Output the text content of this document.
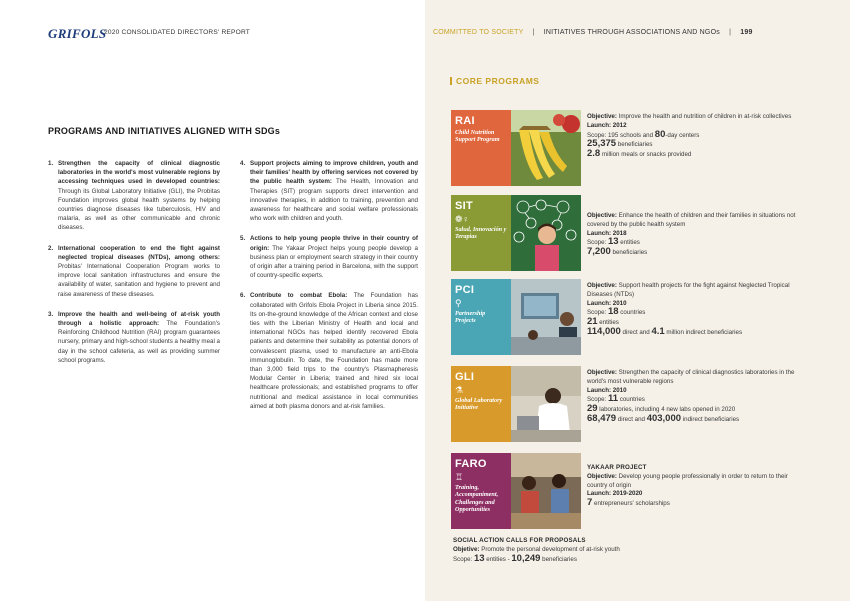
GRIFOLS
2020 CONSOLIDATED DIRECTORS' REPORT
PROGRAMS AND INITIATIVES ALIGNED WITH SDGs
1. Strengthen the capacity of clinical diagnostic laboratories in the world's most vulnerable regions by accessing techniques used in developed countries: Through its Global Laboratory Initiative (GLI), the Probitas Foundation improves global health systems by helping countries diagnose diseases like tuberculosis, HIV and malaria, as well as other communicable and chronic diseases.
2. International cooperation to end the fight against neglected tropical diseases (NTDs), among others: Probitas' International Cooperation Program works to improve local sanitation infrastructures and ensure the availability of water, sanitation and hygiene to prevent and raise awareness of these diseases.
3. Improve the health and well-being of at-risk youth through a holistic approach: The Foundation's Reinforcing Childhood Nutrition (RAI) program guarantees nursery, primary and high-school students a healthy meal a day in the school cafeteria, as well as providing summer school programs.
4. Support projects aiming to improve children, youth and their families' health by offering services not covered by the public health system: The Health, Innovation and Therapies (SIT) program supports direct intervention and innovative therapies, in addition to training, prevention and awareness for healthcare and social welfare professionals who work with children and youth.
5. Actions to help young people thrive in their country of origin: The Yakaar Project helps young people develop a business plan or employment search strategy in their country of origin after a training period in Barcelona, with the support of country-specific experts.
6. Contribute to combat Ebola: The Foundation has collaborated with Grifols Ebola Project in Liberia since 2015. Its on-the-ground knowledge of the African context and close ties with the Liberian Ministry of Health and local and international NGOs has helped identify recovered Ebola patients and determine their suitability as potential donors of convalescent plasma, used to manufacture an anti-Ebola immunoglobulin. To date, the Foundation has made more than 3,000 field trips to the country's Plasmapheresis Modular Center in Liberia; trained and hired six local healthcare professionals; and established programs to offer nutritional and medical assistance in local communities aimed at both plasma donors and at-risk families.
COMMITTED TO SOCIETY | INITIATIVES THROUGH ASSOCIATIONS AND NGOs | 199
CORE PROGRAMS
RAI
Child Nutrition Support Program
Objective: Improve the health and nutrition of children in at-risk collectives
Launch: 2012
Scope: 195 schools and 80-day centers
25,375 beneficiaries
2.8 million meals or snacks provided
SIT
❁♀
Salud, Innovación y Terapias
Objective: Enhance the health of children and their families in situations not covered by the public health system
Launch: 2018
Scope: 13 entities
7,200 beneficiaries
PCI
⚲
Partnership Projects
Objective: Support health projects for the fight against Neglected Tropical Diseases (NTDs)
Launch: 2010
Scope: 18 countries
21 entities
114,000 direct and 4.1 million indirect beneficiaries
GLI
⚗
Global Laboratory Initiative
Objective: Strengthen the capacity of clinical diagnostics laboratories in the world's most vulnerable regions
Launch: 2010
Scope: 11 countries
29 laboratories, including 4 new labs opened in 2020
68,479 direct and 403,000 indirect beneficiaries
FARO
♖
Training, Accompaniment, Challenges and Opportunities
YAKAAR PROJECT
Objective: Develop young people professionally in order to return to their country of origin
Launch: 2019-2020
7 entrepreneurs' scholarships
SOCIAL ACTION CALLS FOR PROPOSALS
Objetive: Promote the personal development of at-risk youth
Scope: 13 entities - 10,249 beneficiaries
